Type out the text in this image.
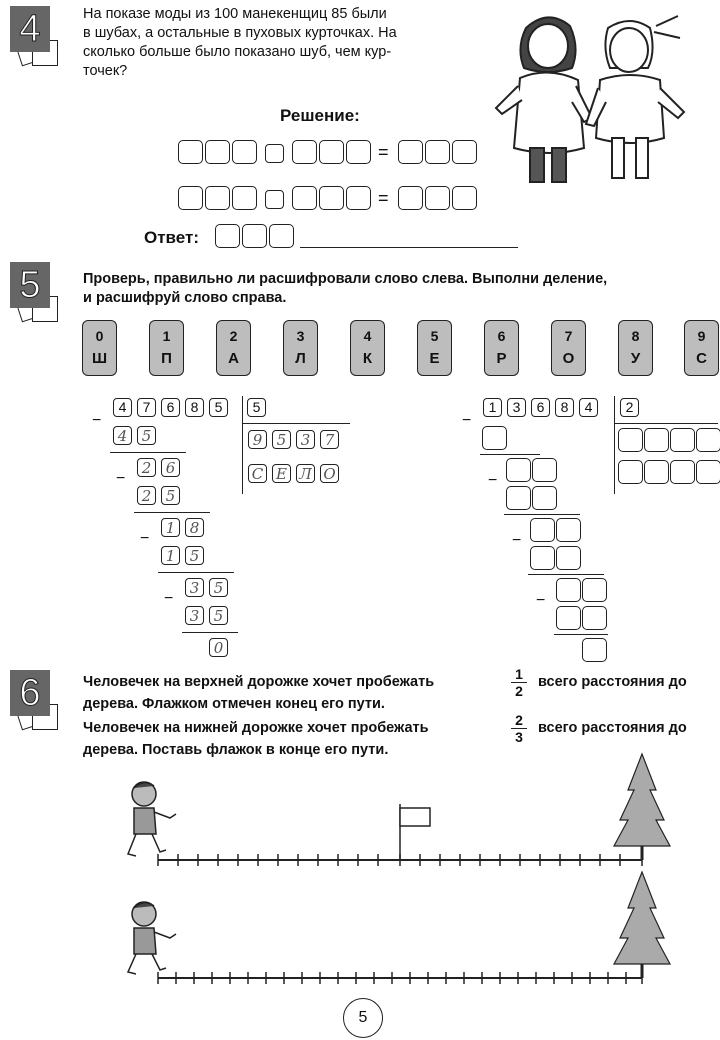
4	На показе моды из 100 манекенщиц 85 были
в шубах, а остальные в пуховых курточках. На
сколько больше было показано шуб, чем кур-
точек?
Решение:
=
=
Ответ:
5	Проверь, правильно ли расшифровали слово слева. Выполни деление,
и расшифруй слово справа.
0
Ш
1
П
2
А
3
Л
4
К
5
Е
6
Р
7
О
8
У
9
С
−
4	7	6	8	5	5
4 5	9 5 3 7
С Е Л О
−
2 6
2 5
−
1 8
1 5
−
3 5
3 5
0
−
1	3	6	8	4	2
−
−
−
6	Человечек на верхней дорожке хочет пробежать	1
2
всего расстояния до
дерева. Флажком отмечен конец его пути.
Человечек на нижней дорожке хочет пробежать	2
3
всего расстояния до
дерева. Поставь флажок в конце его пути.
5
